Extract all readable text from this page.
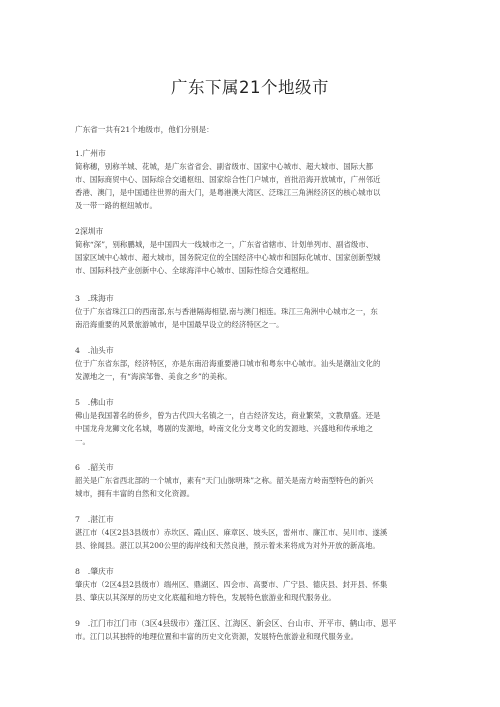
广东下属21个地级市
广东省一共有21个地级市，他们分别是：
1.广州市

简称穗，别称羊城、花城，是广东省省会、副省级市、国家中心城市、超大城市、国际大都
市、国际商贸中心、国际综合交通枢纽、国家综合性门户城市，首批沿海开放城市，广州邻近
香港、澳门，是中国通往世界的南大门，是粤港澳大湾区、泛珠江三角洲经济区的核心城市以
及一带一路的枢纽城市。

2深圳市

简称“深”，别称鹏城，是中国四大一线城市之一，广东省省辖市、计划单列市、副省级市、
国家区域中心城市、超大城市，国务院定位的全国经济中心城市和国际化城市、国家创新型城
市、国际科技产业创新中心、全球海洋中心城市、国际性综合交通枢纽。

3　.珠海市

位于广东省珠江口的西南部,东与香港隔海相望,南与澳门相连。珠江三角洲中心城市之一，东
南沿海重要的风景旅游城市，是中国最早设立的经济特区之一。

4　.汕头市

位于广东省东部，经济特区，亦是东南沿海重要港口城市和粤东中心城市。汕头是潮汕文化的
发源地之一，有“海滨邹鲁、美食之乡”的美称。

5　.佛山市

佛山是我国著名的侨乡，曾为古代四大名镇之一，自古经济发达，商业繁荣，文教鼎盛。还是
中国龙舟龙狮文化名城，粤剧的发源地，岭南文化分支粤文化的发源地、兴盛地和传承地之
一。

6　.韶关市

韶关是广东省西北部的一个城市，素有“天门山脉明珠”之称。韶关是南方岭南型特色的新兴
城市，拥有丰富的自然和文化资源。

7　.湛江市

湛江市（4区2县3县级市）赤坎区、霞山区、麻章区、坡头区，雷州市、廉江市、吴川市、遂溪
县、徐闻县。湛江以其200公里的海岸线和天然良港，预示着未来将成为对外开放的新高地。

8　.肇庆市

肇庆市（2区4县2县级市）端州区、鼎湖区、四会市、高要市、广宁县、德庆县、封开县、怀集
县、肇庆以其深厚的历史文化底蕴和地方特色，发展特色旅游业和现代服务业。

9　.江门市江门市（3区4县级市）蓬江区、江海区、新会区、台山市、开平市、鹤山市、恩平

市。江门以其独特的地理位置和丰富的历史文化资源，发展特色旅游业和现代服务业。
